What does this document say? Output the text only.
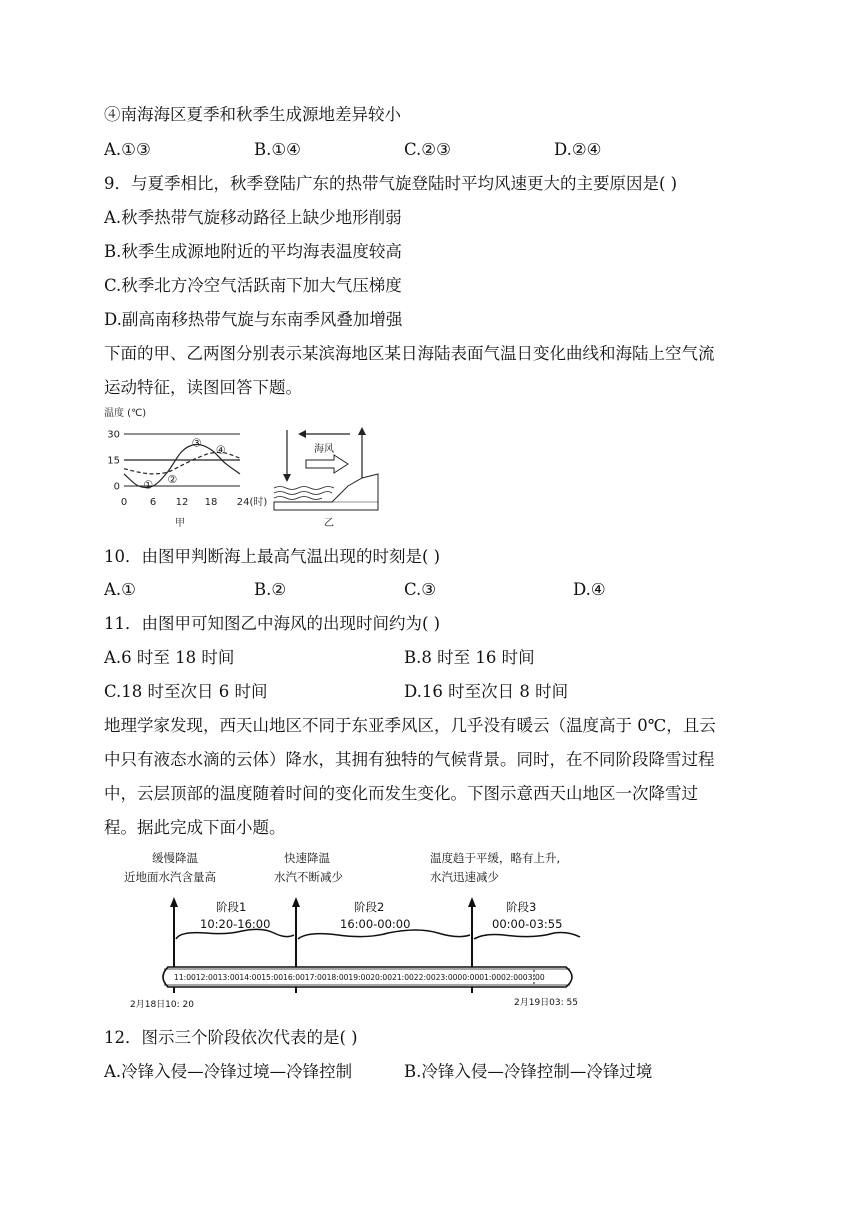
④南海海区夏季和秋季生成源地差异较小
A.①③	B.①④	C.②③	D.②④
9．与夏季相比，秋季登陆广东的热带气旋登陆时平均风速更大的主要原因是( )
A.秋季热带气旋移动路径上缺少地形削弱
B.秋季生成源地附近的平均海表温度较高
C.秋季北方冷空气活跃南下加大气压梯度
D.副高南移热带气旋与东南季风叠加增强
下面的甲、乙两图分别表示某滨海地区某日海陆表面气温日变化曲线和海陆上空气流
运动特征，读图回答下题。
温度 (℃)
30
15
0
0 6 12 18 24(时)
① ②
③
④
甲
海风
乙
10．由图甲判断海上最高气温出现的时刻是( )
A.①	B.②	C.③	D.④
11．由图甲可知图乙中海风的出现时间约为( )
A.6 时至 18 时间	B.8 时至 16 时间
C.18 时至次日 6 时间	D.16 时至次日 8 时间
地理学家发现，西天山地区不同于东亚季风区，几乎没有暖云（温度高于 0℃，且云
中只有液态水滴的云体）降水，其拥有独特的气候背景。同时，在不同阶段降雪过程
中，云层顶部的温度随着时间的变化而发生变化。下图示意西天山地区一次降雪过
程。据此完成下面小题。
缓慢降温
近地面水汽含量高
快速降温
水汽不断减少
温度趋于平缓，略有上升,
水汽迅速减少
阶段1
10:20-16:00
阶段2
16:00-00:00
阶段3
00:00-03:55
11:00 12:00 13:00 14:00 15:00 16:00 17:00 18:00 19:00 20:00 21:00 22:00 23:00 00:00 01:00 02:00 03:00
2月18日10: 20	2月19日03: 55
12．图示三个阶段依次代表的是( )
A.冷锋入侵—冷锋过境—冷锋控制	B.冷锋入侵—冷锋控制—冷锋过境
